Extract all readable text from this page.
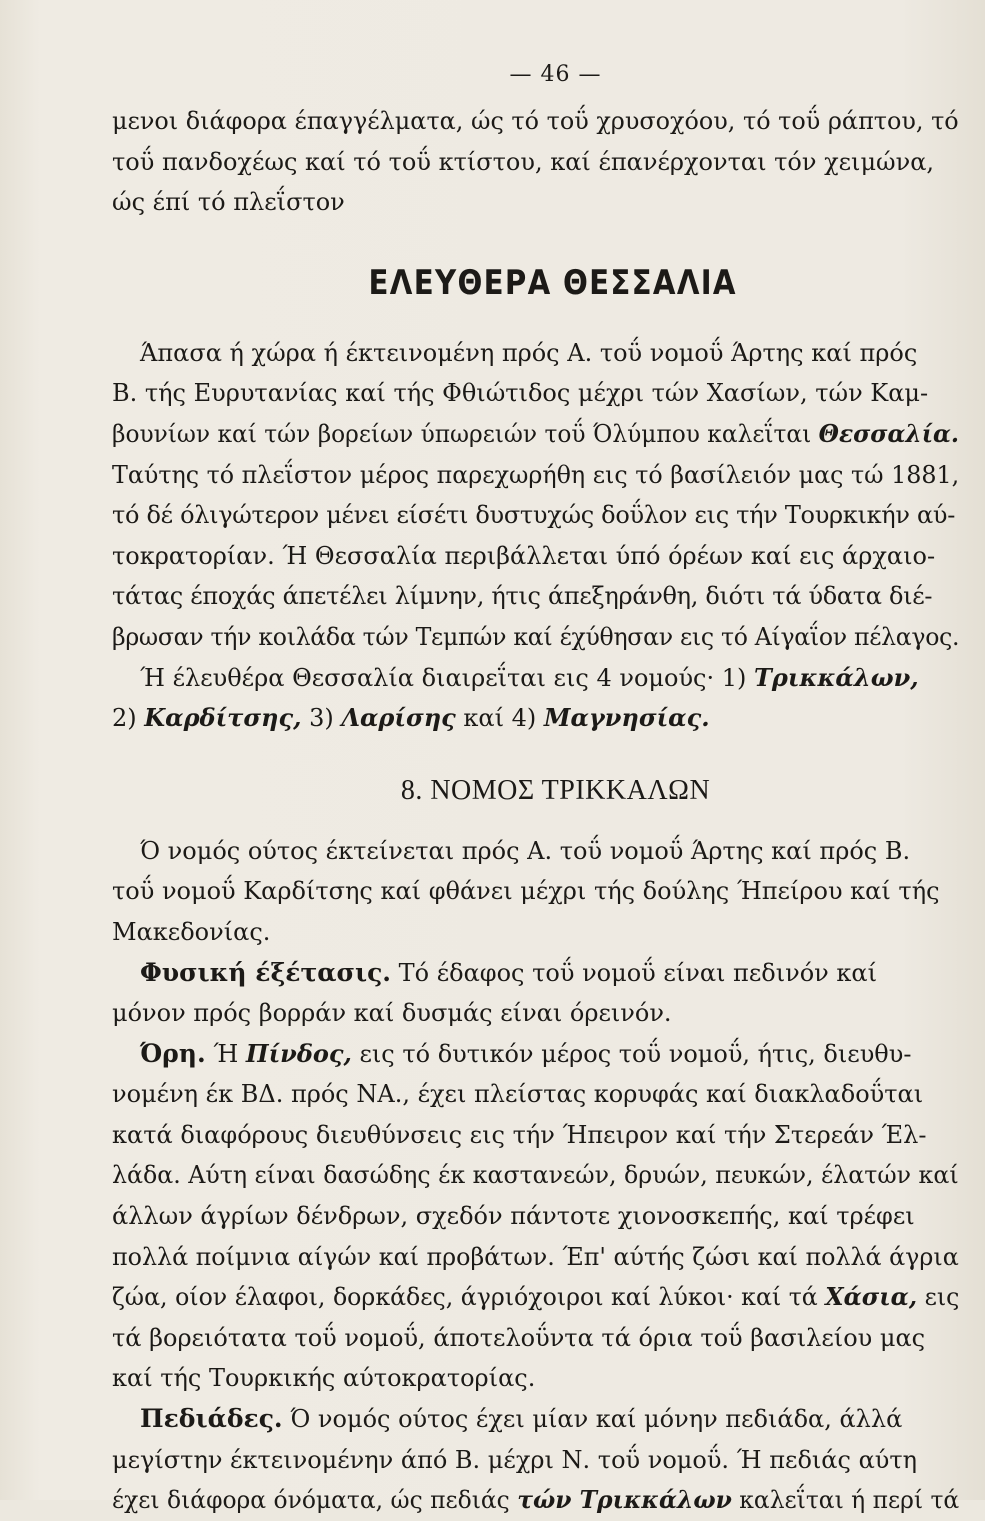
— 46 —

μενοι διάφορα έπαγγέλματα, ώς τό τοΰ χρυσοχόου, τό τοΰ ράπτου, τό
τοΰ πανδοχέως καί τό τοΰ κτίστου, καί έπανέρχονται τόν χειμώνα,
ώς έπί τό πλεΐστον

ΕΛΕΥΘΕΡΑ ΘΕΣΣΑΛΙΑ

Άπασα ή χώρα ή έκτεινομένη πρός Α. τοΰ νομοΰ Άρτης καί πρός
Β. τής Ευρυτανίας καί τής Φθιώτιδος μέχρι τών Χασίων, τών Καμ-
βουνίων καί τών βορείων ύπωρειών τοΰ Όλύμπου καλεΐται Θεσσαλία.
Ταύτης τό πλεΐστον μέρος παρεχωρήθη εις τό βασίλειόν μας τώ 1881,
τό δέ όλιγώτερον μένει είσέτι δυστυχώς δοΰλον εις τήν Τουρκικήν αύ-
τοκρατορίαν. Ή Θεσσαλία περιβάλλεται ύπό όρέων καί εις άρχαιο-
τάτας έποχάς άπετέλει λίμνην, ήτις άπεξηράνθη, διότι τά ύδατα διέ-
βρωσαν τήν κοιλάδα τών Τεμπών καί έχύθησαν εις τό Αίγαΐον πέλαγος.
Ή έλευθέρα Θεσσαλία διαιρεΐται εις 4 νομούς· 1) Τρικκάλων,
2) Καρδίτσης, 3) Λαρίσης καί 4) Μαγνησίας.

8. ΝΟΜΟΣ ΤΡΙΚΚΑΛΩΝ

Ό νομός ούτος έκτείνεται πρός Α. τοΰ νομοΰ Άρτης καί πρός Β.
τοΰ νομοΰ Καρδίτσης καί φθάνει μέχρι τής δούλης Ήπείρου καί τής
Μακεδονίας.

Φυσική έξέτασις. Τό έδαφος τοΰ νομοΰ είναι πεδινόν καί
μόνον πρός βορράν καί δυσμάς είναι όρεινόν.

Όρη. Ή Πίνδος, εις τό δυτικόν μέρος τοΰ νομοΰ, ήτις, διευθυ-
νομένη έκ ΒΔ. πρός ΝΑ., έχει πλείστας κορυφάς καί διακλαδοΰται
κατά διαφόρους διευθύνσεις εις τήν Ήπειρον καί τήν Στερεάν Έλ-
λάδα. Αύτη είναι δασώδης έκ καστανεών, δρυών, πευκών, έλατών καί
άλλων άγρίων δένδρων, σχεδόν πάντοτε χιονοσκεπής, καί τρέφει
πολλά ποίμνια αίγών καί προβάτων. Έπ' αύτής ζώσι καί πολλά άγρια
ζώα, οίον έλαφοι, δορκάδες, άγριόχοιροι καί λύκοι· καί τά Χάσια, εις
τά βορειότατα τοΰ νομοΰ, άποτελοΰντα τά όρια τοΰ βασιλείου μας
καί τής Τουρκικής αύτοκρατορίας.

Πεδιάδες. Ό νομός ούτος έχει μίαν καί μόνην πεδιάδα, άλλά
μεγίστην έκτεινομένην άπό Β. μέχρι Ν. τοΰ νομοΰ. Ή πεδιάς αύτη
έχει διάφορα όνόματα, ώς πεδιάς τών Τρικκάλων καλεΐται ή περί τά
